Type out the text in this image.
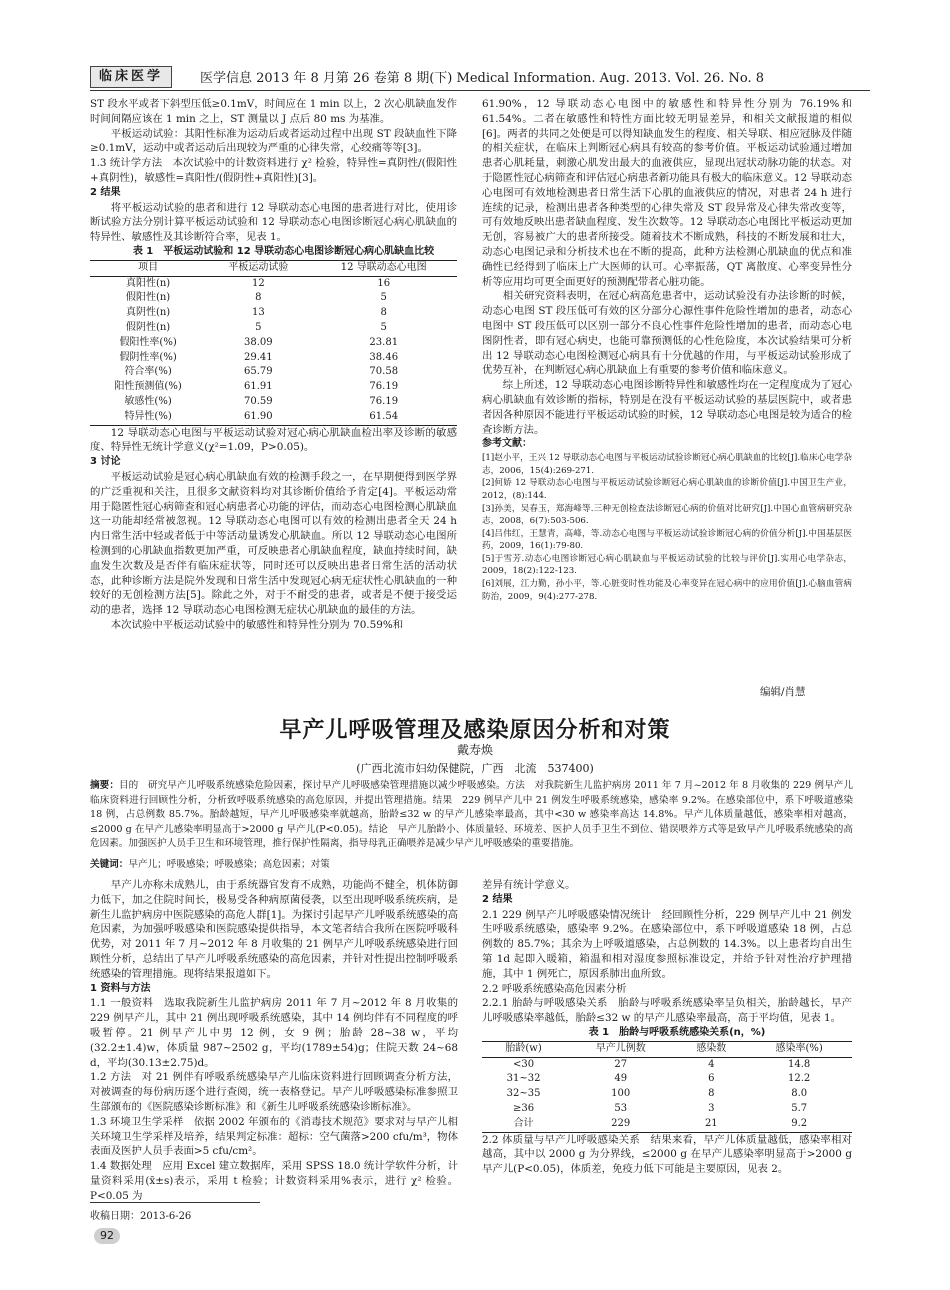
临床医学	医学信息 2013 年 8 月第 26 卷第 8 期(下) Medical Information. Aug. 2013. Vol. 26. No. 8

ST 段水平或者下斜型压低≥0.1mV，时间应在 1 min 以上，2 次心肌缺血发作时间间隔应该在 1 min 之上，ST 测量以 J 点后 80 ms 为基准。

平板运动试验：其阳性标准为运动后或者运动过程中出现 ST 段缺血性下降≥0.1mV，运动中或者运动后出现较为严重的心律失常，心绞痛等等[3]。

1.3 统计学方法　本次试验中的计数资料进行 χ² 检验，特异性=真阴性/(假阳性+真阴性)，敏感性=真阳性/(假阴性+真阳性)[3]。

2 结果

将平板运动试验的患者和进行 12 导联动态心电图的患者进行对比，使用诊断试验方法分别计算平板运动试验和 12 导联动态心电图诊断冠心病心肌缺血的特异性、敏感性及其诊断符合率，见表 1。

表 1　平板运动试验和 12 导联动态心电图诊断冠心病心肌缺血比较

项目	平板运动试验	12 导联动态心电图
真阳性(n)	12	16
假阳性(n)	8	5
真阴性(n)	13	8
假阴性(n)	5	5
假阳性率(%)	38.09	23.81
假阴性率(%)	29.41	38.46
符合率(%)	65.79	70.58
阳性预测值(%)	61.91	76.19
敏感性(%)	70.59	76.19
特异性(%)	61.90	61.54

12 导联动态心电图与平板运动试验对冠心病心肌缺血检出率及诊断的敏感度、特异性无统计学意义(χ²=1.09，P>0.05)。

3 讨论

平板运动试验是冠心病心肌缺血有效的检测手段之一，在早期便得到医学界的广泛重视和关注，且很多文献资料均对其诊断价值给予肯定[4]。平板运动常用于隐匿性冠心病筛查和冠心病患者心功能的评估，而动态心电图检测心肌缺血这一功能却经常被忽视。12 导联动态心电图可以有效的检测出患者全天 24 h 内日常生活中轻或者低于中等活动量诱发心肌缺血。所以 12 导联动态心电图所检测到的心肌缺血指数更加严重，可反映患者心肌缺血程度，缺血持续时间，缺血发生次数及是否伴有临床症状等，同时还可以反映出患者日常生活的活动状态，此种诊断方法是院外发现和日常生活中发现冠心病无症状性心肌缺血的一种较好的无创检测方法[5]。除此之外，对于不耐受的患者，或者是不便于接受运动的患者，选择 12 导联动态心电图检测无症状心肌缺血的最佳的方法。

本次试验中平板运动试验中的敏感性和特异性分别为 70.59%和

61.90%，12 导联动态心电图中的敏感性和特异性分别为 76.19%和 61.54%。二者在敏感性和特性方面比较无明显差异，和相关文献报道的相似[6]。两者的共同之处便是可以得知缺血发生的程度、相关导联、相应冠脉及伴随的相关症状，在临床上判断冠心病具有较高的参考价值。平板运动试验通过增加患者心肌耗量，刺激心肌发出最大的血液供应，显现出冠状动脉功能的状态。对于隐匿性冠心病筛查和评估冠心病患者新功能具有极大的临床意义。12 导联动态心电图可有效地检测患者日常生活下心肌的血液供应的情况，对患者 24 h 进行连续的记录，检测出患者各种类型的心律失常及 ST 段异常及心律失常改变等，可有效地反映出患者缺血程度、发生次数等。12 导联动态心电图比平板运动更加无创，容易被广大的患者所接受。随着技术不断成熟，科技的不断发展和壮大，动态心电图记录和分析技术也在不断的提高，此种方法检测心肌缺血的优点和准确性已经得到了临床上广大医师的认可。心率振荡，QT 离散度、心率变异性分析等应用均可更全面更好的预测配带者心脏功能。

相关研究资料表明，在冠心病高危患者中，运动试验没有办法诊断的时候，动态心电图 ST 段压低可有效的区分部分心源性事件危险性增加的患者，动态心电图中 ST 段压低可以区别一部分不良心性事件危险性增加的患者，而动态心电图阴性者，即有冠心病史，也能可靠预测低的心性危险度，本次试验结果可分析出 12 导联动态心电图检测冠心病具有十分优越的作用，与平板运动试验形成了优势互补，在判断冠心病心肌缺血上有重要的参考价值和临床意义。

综上所述，12 导联动态心电图诊断特异性和敏感性均在一定程度成为了冠心病心肌缺血有效诊断的指标，特别是在没有平板运动试验的基层医院中，或者患者因各种原因不能进行平板运动试验的时候，12 导联动态心电图是较为适合的检查诊断方法。

参考文献：

[1]赵小平，王兴 12 导联动态心电图与平板运动试验诊断冠心病心肌缺血的比较[J].临床心电学杂志，2006，15(4):269-271.

[2]何娇 12 导联动态心电图与平板运动试验诊断冠心病心肌缺血的诊断价值[J].中国卫生产业，2012，(8):144.

[3]孙美，吴春玉，郑海峰等.三种无创检查法诊断冠心病的价值对比研究[J].中国心血管病研究杂志，2008，6(7):503-506.

[4]吕伟红，王慧青，高峰，等.动态心电图与平板运动试验诊断冠心病的价值分析[J].中国基层医药，2009，16(1):79-80.

[5]于雪芳.动态心电图诊断冠心病心肌缺血与平板运动试验的比较与评价[J].实用心电学杂志，2009，18(2):122-123.

[6]刘展，江力勤，孙小平，等.心脏变时性功能及心率变异在冠心病中的应用价值[J].心脑血管病防治，2009，9(4):277-278.

编辑/肖慧
早产儿呼吸管理及感染原因分析和对策
戴寿焕
(广西北流市妇幼保健院，广西　北流　537400)
摘要：目的　研究早产儿呼吸系统感染危险因素，探讨早产儿呼吸感染管理措施以减少呼吸感染。方法　对我院新生儿监护病房 2011 年 7 月~2012 年 8 月收集的 229 例早产儿临床资料进行回顾性分析，分析致呼吸系统感染的高危原因，并提出管理措施。结果　229 例早产儿中 21 例发生呼吸系统感染，感染率 9.2%。在感染部位中，系下呼吸道感染 18 例，占总例数 85.7%。胎龄越短，早产儿呼吸感染率就越高，胎龄≤32 w 的早产儿感染率最高，其中<30 w 感染率高达 14.8%。早产儿体质量越低，感染率相对越高，≤2000 g 在早产儿感染率明显高于>2000 g 早产儿(P<0.05)。结论　早产儿胎龄小、体质量轻、环境差、医护人员手卫生不到位、错误喂养方式等是致早产儿呼吸系统感染的高危因素。加强医护人员手卫生和环境管理，推行保护性隔离，指导母乳正确喂养是减少早产儿呼吸感染的重要措施。
关键词：早产儿；呼吸感染；呼吸感染；高危因素；对策

早产儿亦称未成熟儿，由于系统器官发育不成熟，功能尚不健全，机体防御力低下，加之住院时间长，极易受各种病原菌侵袭，以至出现呼吸系统疾病，是新生儿监护病房中医院感染的高危人群[1]。为探讨引起早产儿呼吸系统感染的高危因素，为加强呼吸感染和医院感染提供指导，本文笔者结合我所在医院呼吸科优势，对 2011 年 7 月~2012 年 8 月收集的 21 例早产儿呼吸系统感染进行回顾性分析，总结出了早产儿呼吸系统感染的高危因素，并针对性提出控制呼吸系统感染的管理措施。现将结果报道如下。

1 资料与方法

1.1 一般资料　选取我院新生儿监护病房 2011 年 7 月~2012 年 8 月收集的 229 例早产儿，其中 21 例出现呼吸系统感染，其中 14 例均伴有不同程度的呼吸暂停。21 例早产儿中男 12 例，女 9 例；胎龄 28~38 w，平均(32.2±1.4)w，体质量 987~2502 g，平均(1789±54)g；住院天数 24~68 d，平均(30.13±2.75)d。

1.2 方法　对 21 例伴有呼吸系统感染早产儿临床资料进行回顾调查分析方法，对被调查的每份病历逐个进行查阅，统一表格登记。早产儿呼吸感染标准参照卫生部颁布的《医院感染诊断标准》和《新生儿呼吸系统感染诊断标准》。

1.3 环境卫生学采样　依据 2002 年颁布的《消毒技术规范》要求对与早产儿相关环境卫生学采样及培养，结果判定标准：超标：空气菌落>200 cfu/m³，物体表面及医护人员手表面>5 cfu/cm²。

1.4 数据处理　应用 Excel 建立数据库，采用 SPSS 18.0 统计学软件分析，计量资料采用(x̄±s)表示，采用 t 检验；计数资料采用%表示，进行 χ² 检验。P<0.05 为

收稿日期：2013-6-26
92

差异有统计学意义。

2 结果

2.1 229 例早产儿呼吸感染情况统计　经回顾性分析，229 例早产儿中 21 例发生呼吸系统感染，感染率 9.2%。在感染部位中，系下呼吸道感染 18 例，占总例数的 85.7%；其余为上呼吸道感染，占总例数的 14.3%。以上患者均自出生第 1d 起即入暖箱，箱温和相对湿度参照标准设定，并给予针对性治疗护理措施，其中 1 例死亡，原因系肺出血所致。

2.2 呼吸系统感染高危因素分析

2.2.1 胎龄与呼吸感染关系　胎龄与呼吸系统感染率呈负相关，胎龄越长，早产儿呼吸感染率越低，胎龄≤32 w 的早产儿感染率最高，高于平均值，见表 1。

表 1　胎龄与呼吸系统感染关系(n，%)

胎龄(w)	早产儿例数	感染数	感染率(%)
<30	27	4	14.8
31~32	49	6	12.2
32~35	100	8	8.0
≥36	53	3	5.7
合计	229	21	9.2

2.2 体质量与早产儿呼吸感染关系　结果来看，早产儿体质量越低，感染率相对越高，其中以 2000 g 为分界线，≤2000 g 在早产儿感染率明显高于>2000 g 早产儿(P<0.05)，体质差，免疫力低下可能是主要原因，见表 2。
